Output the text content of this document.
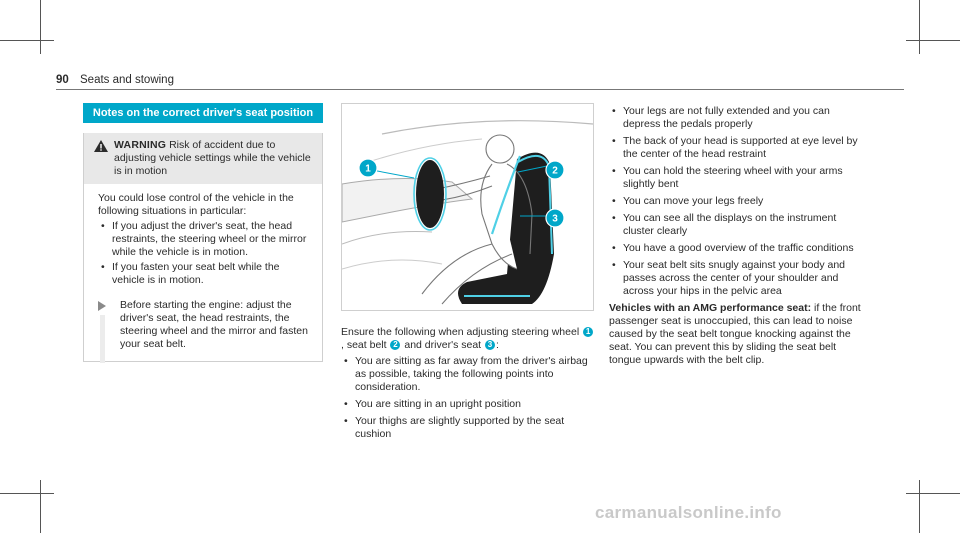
90 Seats and stowing
Notes on the correct driver's seat position
WARNING Risk of accident due to adjusting vehicle settings while the vehicle is in motion
You could lose control of the vehicle in the following situations in particular:
• If you adjust the driver's seat, the head restraints, the steering wheel or the mirror while the vehicle is in motion.
• If you fasten your seat belt while the vehicle is in motion.
Before starting the engine: adjust the driver's seat, the head restraints, the steering wheel and the mirror and fasten your seat belt.
1	2
3
Ensure the following when adjusting steering wheel 1, seat belt 2 and driver's seat 3 :
• You are sitting as far away from the driver's airbag as possible, taking the following points into consideration.
• You are sitting in an upright position
• Your thighs are slightly supported by the seat cushion
• Your legs are not fully extended and you can depress the pedals properly
• The back of your head is supported at eye level by the center of the head restraint
• You can hold the steering wheel with your arms slightly bent
• You can move your legs freely
• You can see all the displays on the instrument cluster clearly
• You have a good overview of the traffic conditions
• Your seat belt sits snugly against your body and passes across the center of your shoulder and across your hips in the pelvic area
Vehicles with an AMG performance seat: if the front passenger seat is unoccupied, this can lead to noise caused by the seat belt tongue knocking against the seat. You can prevent this by sliding the seat belt tongue upwards with the belt clip.
carmanualsonline.info
